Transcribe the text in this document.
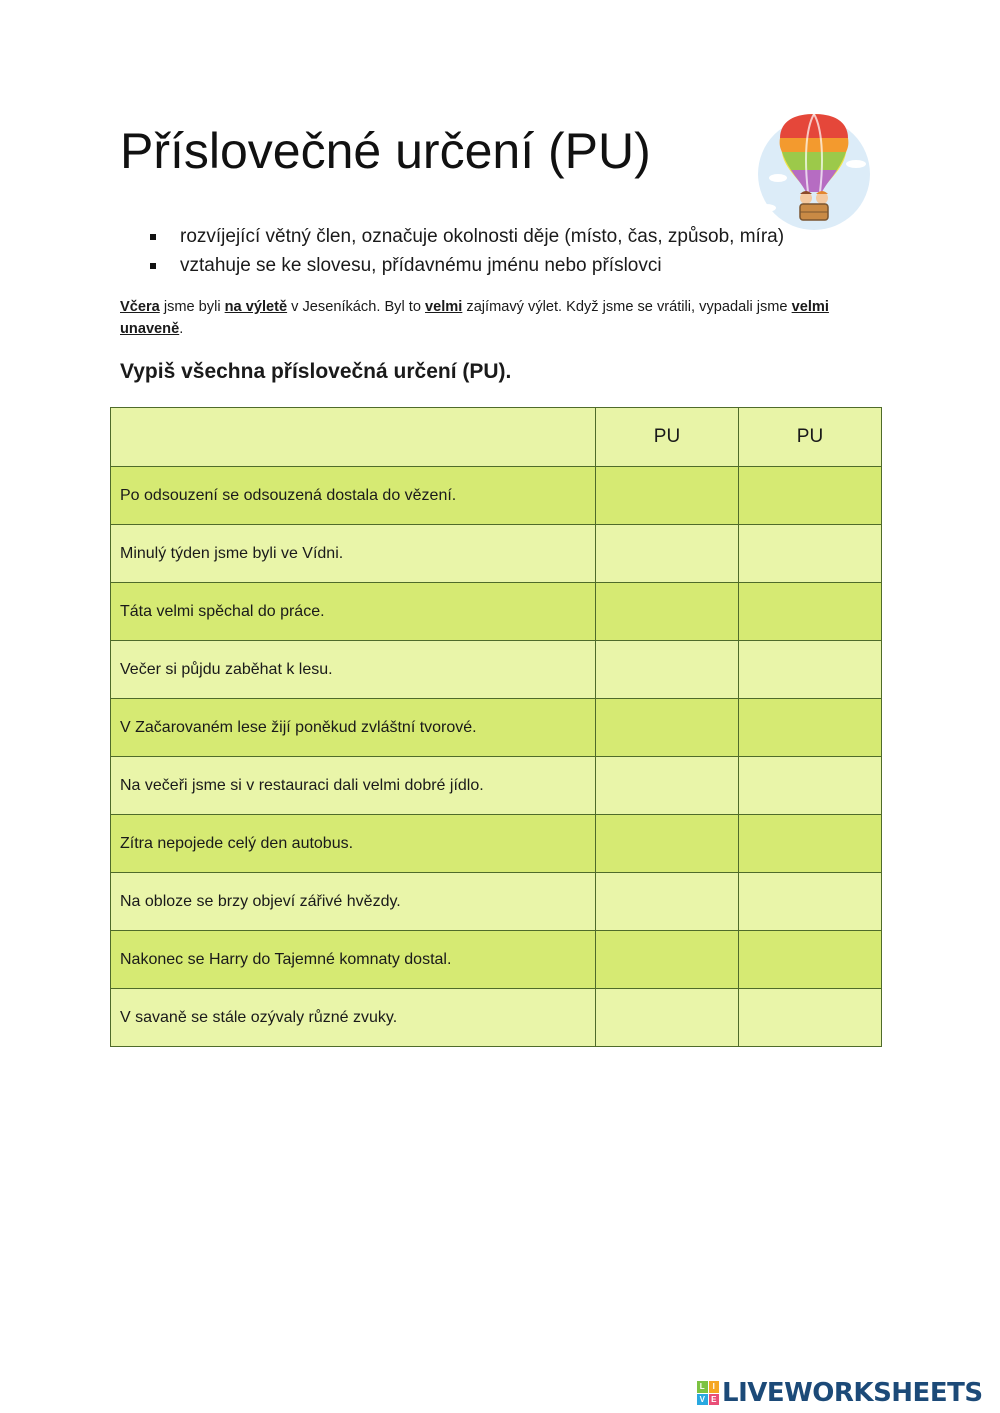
Příslovečné určení (PU)
rozvíjející větný člen, označuje okolnosti děje (místo, čas, způsob, míra)
vztahuje se ke slovesu, přídavnému jménu nebo příslovci
Včera jsme byli na výletě v Jeseníkách. Byl to velmi zajímavý výlet. Když jsme se vrátili, vypadali jsme velmi unaveně.
Vypiš všechna příslovečná určení (PU).
	PU	PU
Po odsouzení se odsouzená dostala do vězení.		
Minulý týden jsme byli ve Vídni.		
Táta velmi spěchal do práce.		
Večer si půjdu zaběhat k lesu.		
V Začarovaném lese žijí poněkud zvláštní tvorové.		
Na večeři jsme si v restauraci dali velmi dobré jídlo.		
Zítra nepojede celý den autobus.		
Na obloze se brzy objeví zářivé hvězdy.		
Nakonec se Harry do Tajemné komnaty dostal.		
V savaně se stále ozývaly různé zvuky.		
L I
V E LIVEWORKSHEETS
